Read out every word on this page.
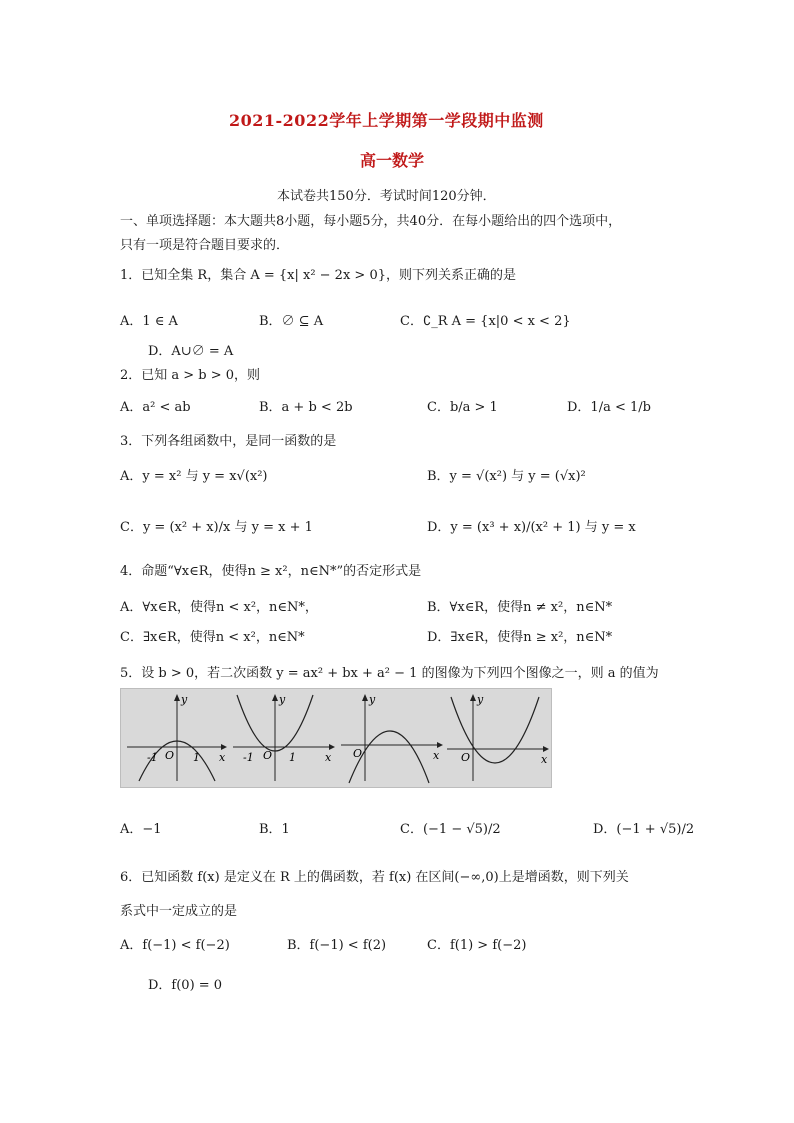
2021-2022学年上学期第一学段期中监测
高一数学
本试卷共150分．考试时间120分钟．
一、单项选择题：本大题共8小题，每小题5分，共40分．在每小题给出的四个选项中，
只有一项是符合题目要求的．
1．已知全集 R，集合 A = {x| x² − 2x > 0}，则下列关系正确的是
A．1 ∈ A	B．∅ ⊆ A	C．∁_R A = {x|0 < x < 2}
D．A∪∅ = A
2．已知 a > b > 0，则
A．a² < ab	B．a + b < 2b	C．b/a > 1	D．1/a < 1/b
3．下列各组函数中，是同一函数的是
A．y = x² 与 y = x√(x²)	B．y = √(x²) 与 y = (√x)²
C．y = (x² + x)/x 与 y = x + 1	D．y = (x³ + x)/(x² + 1) 与 y = x
4．命题“∀x∈R，使得n ≥ x²，n∈N*”的否定形式是
A．∀x∈R，使得n < x²，n∈N*，	B．∀x∈R，使得n ≠ x²，n∈N*
C．∃x∈R，使得n < x²，n∈N*	D．∃x∈R，使得n ≥ x²，n∈N*
5．设 b > 0，若二次函数 y = ax² + bx + a² − 1 的图像为下列四个图像之一，则 a 的值为
y
x
O
-1	1
y
x
O
-1	1
y
x
O
y
x
O
A．−1	B．1	C．(−1 − √5)/2	D．(−1 + √5)/2
6．已知函数 f(x) 是定义在 R 上的偶函数，若 f(x) 在区间(−∞,0)上是增函数，则下列关
系式中一定成立的是
A．f(−1) < f(−2)	B．f(−1) < f(2)	C．f(1) > f(−2)
D．f(0) = 0
